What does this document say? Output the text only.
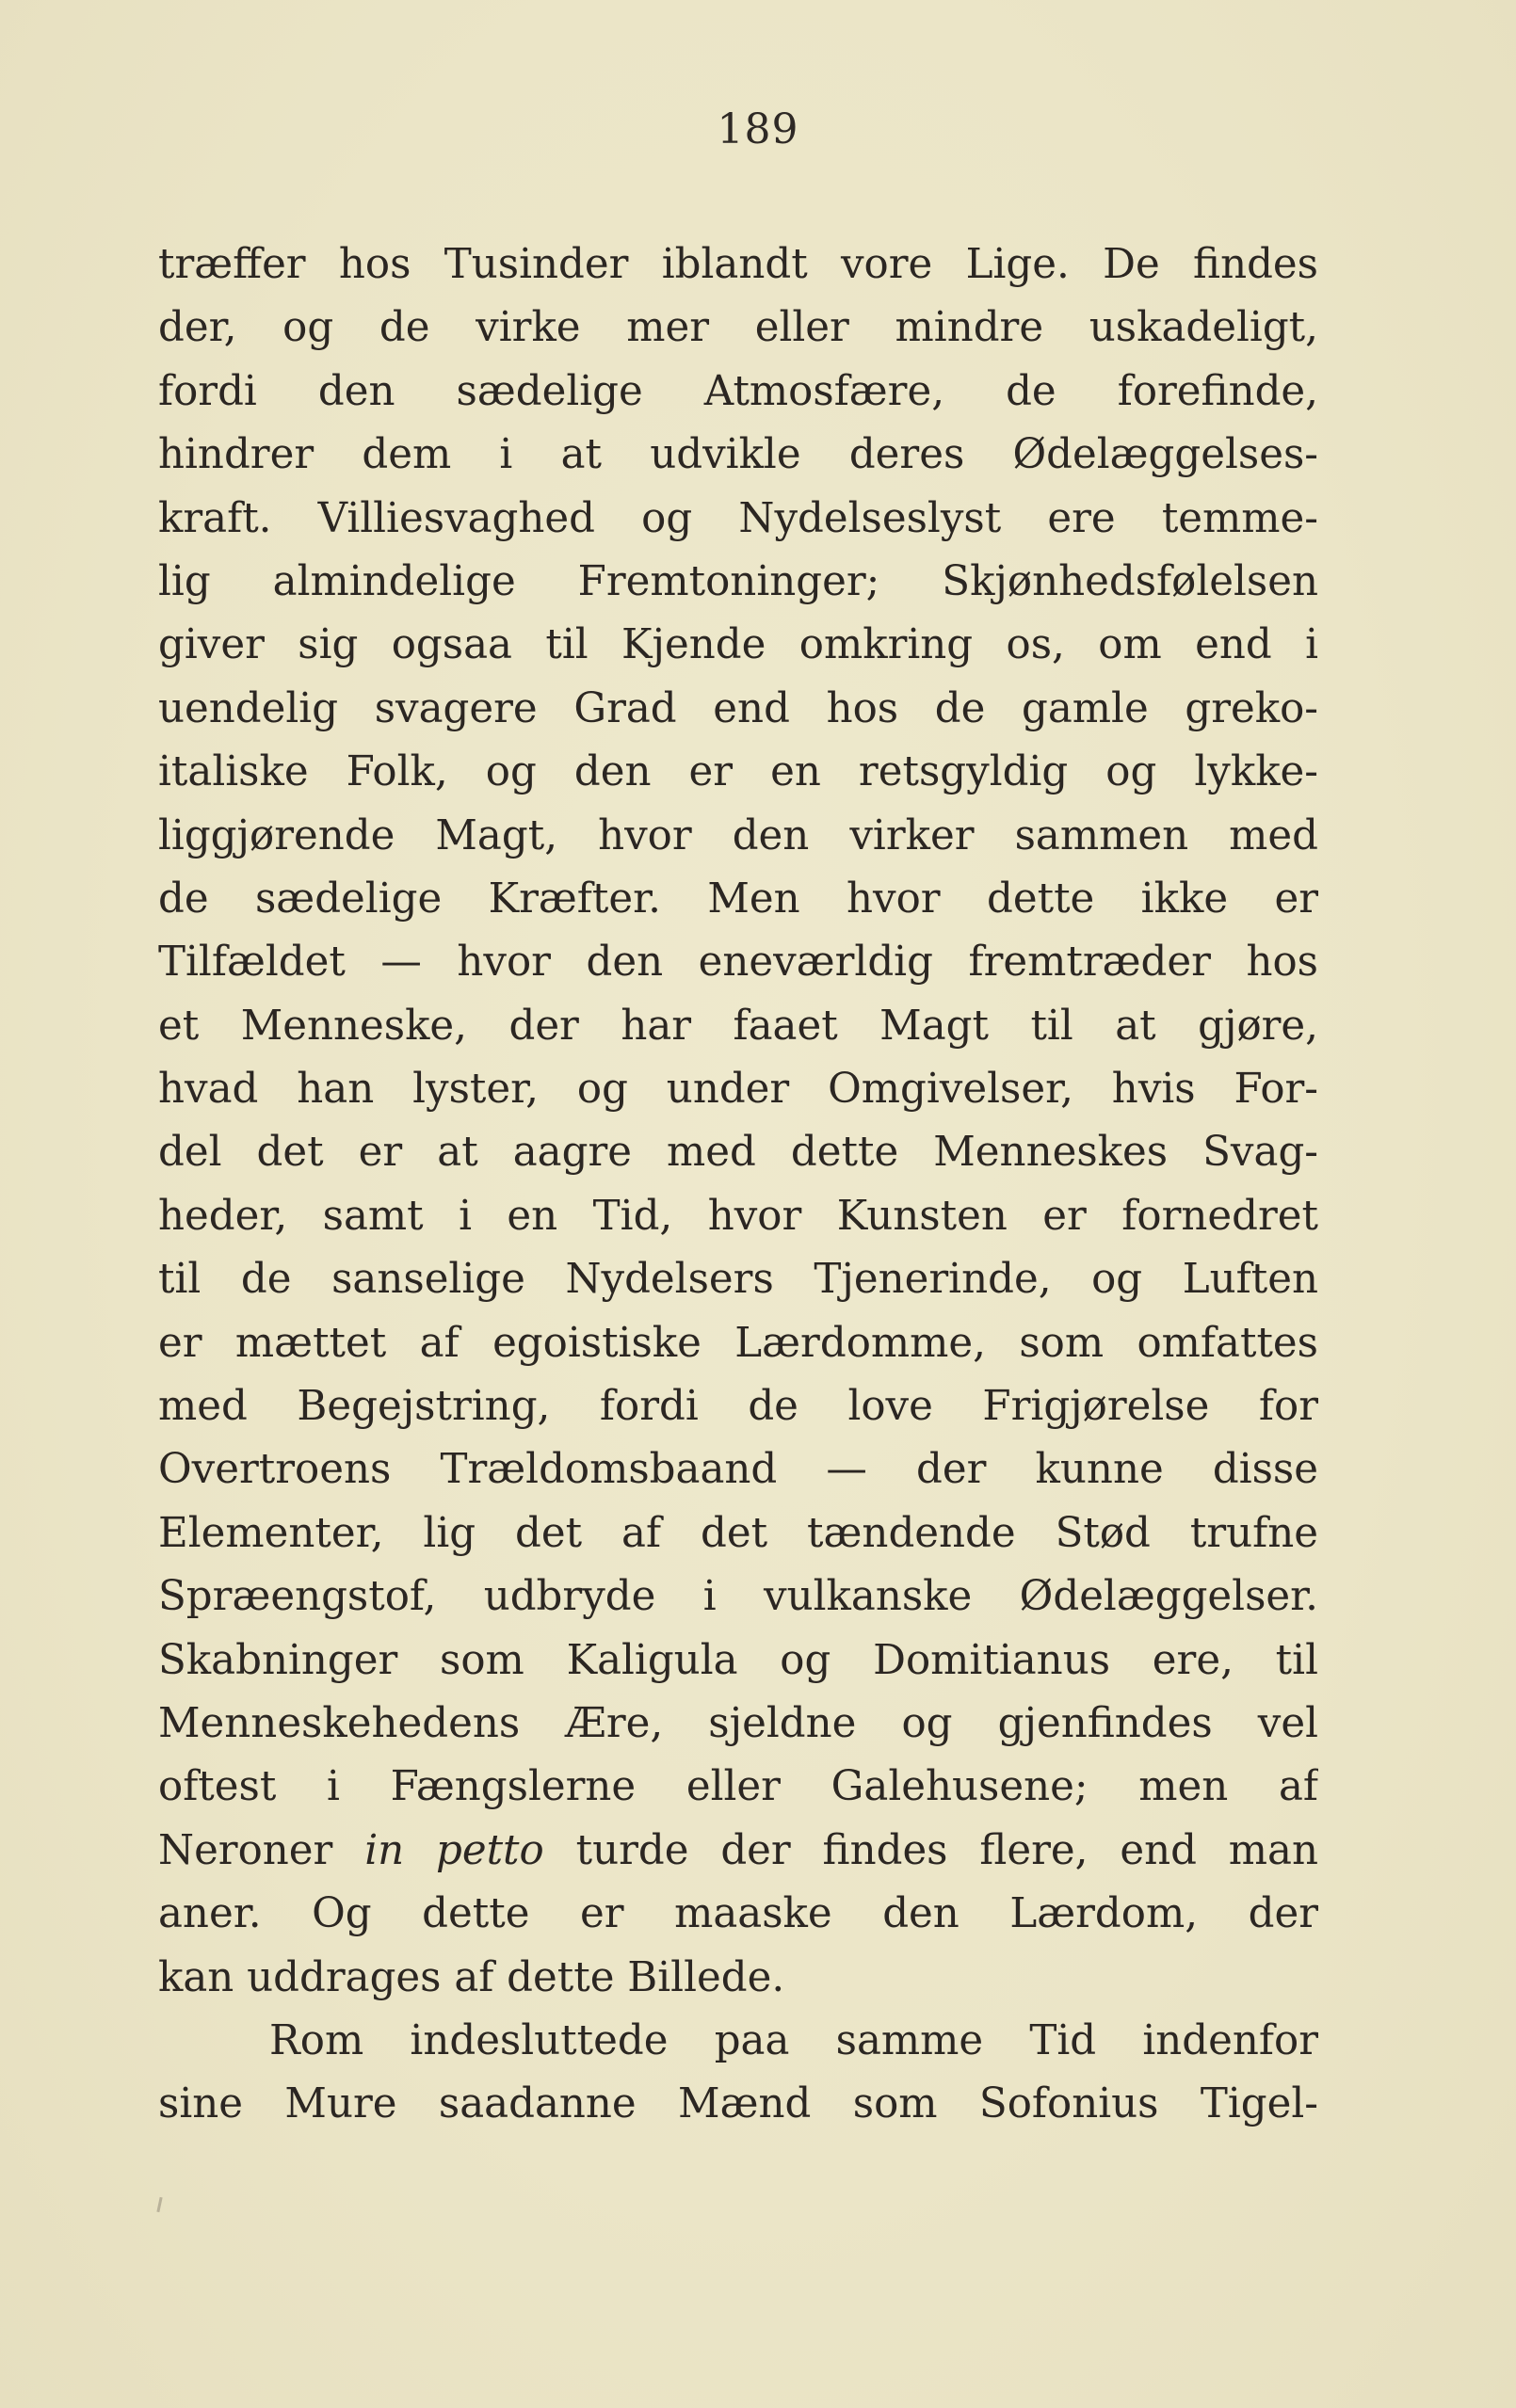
189
træffer hos Tusinder iblandt vore Lige. De findes
der, og de virke mer eller mindre uskadeligt,
fordi den sædelige Atmosfære, de forefinde,
hindrer dem i at udvikle deres Ødelæggelses-
kraft. Villiesvaghed og Nydelseslyst ere temme-
lig almindelige Fremtoninger; Skjønhedsfølelsen
giver sig ogsaa til Kjende omkring os, om end i
uendelig svagere Grad end hos de gamle greko-
italiske Folk, og den er en retsgyldig og lykke-
liggjørende Magt, hvor den virker sammen med
de sædelige Kræfter. Men hvor dette ikke er
Tilfældet — hvor den eneværldig fremtræder hos
et Menneske, der har faaet Magt til at gjøre,
hvad han lyster, og under Omgivelser, hvis For-
del det er at aagre med dette Menneskes Svag-
heder, samt i en Tid, hvor Kunsten er fornedret
til de sanselige Nydelsers Tjenerinde, og Luften
er mættet af egoistiske Lærdomme, som omfattes
med Begejstring, fordi de love Frigjørelse for
Overtroens Trældomsbaand — der kunne disse
Elementer, lig det af det tændende Stød trufne
Spræengstof, udbryde i vulkanske Ødelæggelser.
Skabninger som Kaligula og Domitianus ere, til
Menneskehedens Ære, sjeldne og gjenfindes vel
oftest i Fængslerne eller Galehusene; men af
Neroner in petto turde der findes flere, end man
aner. Og dette er maaske den Lærdom, der
kan uddrages af dette Billede.
Rom indesluttede paa samme Tid indenfor
sine Mure saadanne Mænd som Sofonius Tigel-
